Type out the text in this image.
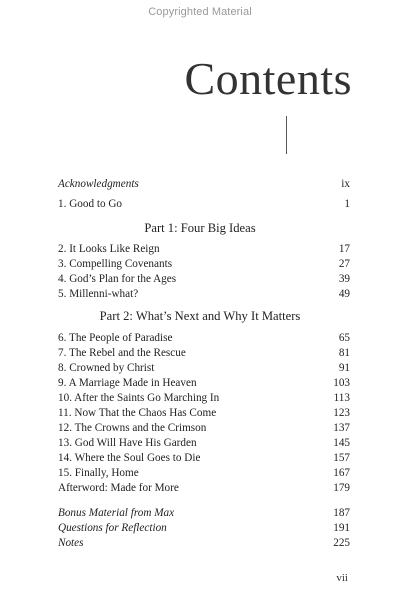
Copyrighted Material
Contents
Acknowledgments	ix
1. Good to Go	1
Part 1: Four Big Ideas
2. It Looks Like Reign	17
3. Compelling Covenants	27
4. God’s Plan for the Ages	39
5. Millenni-what?	49
Part 2: What’s Next and Why It Matters
6. The People of Paradise	65
7. The Rebel and the Rescue	81
8. Crowned by Christ	91
9. A Marriage Made in Heaven	103
10. After the Saints Go Marching In	113
11. Now That the Chaos Has Come	123
12. The Crowns and the Crimson	137
13. God Will Have His Garden	145
14. Where the Soul Goes to Die	157
15. Finally, Home	167
Afterword: Made for More	179
Bonus Material from Max	187
Questions for Reflection	191
Notes	225
vii
